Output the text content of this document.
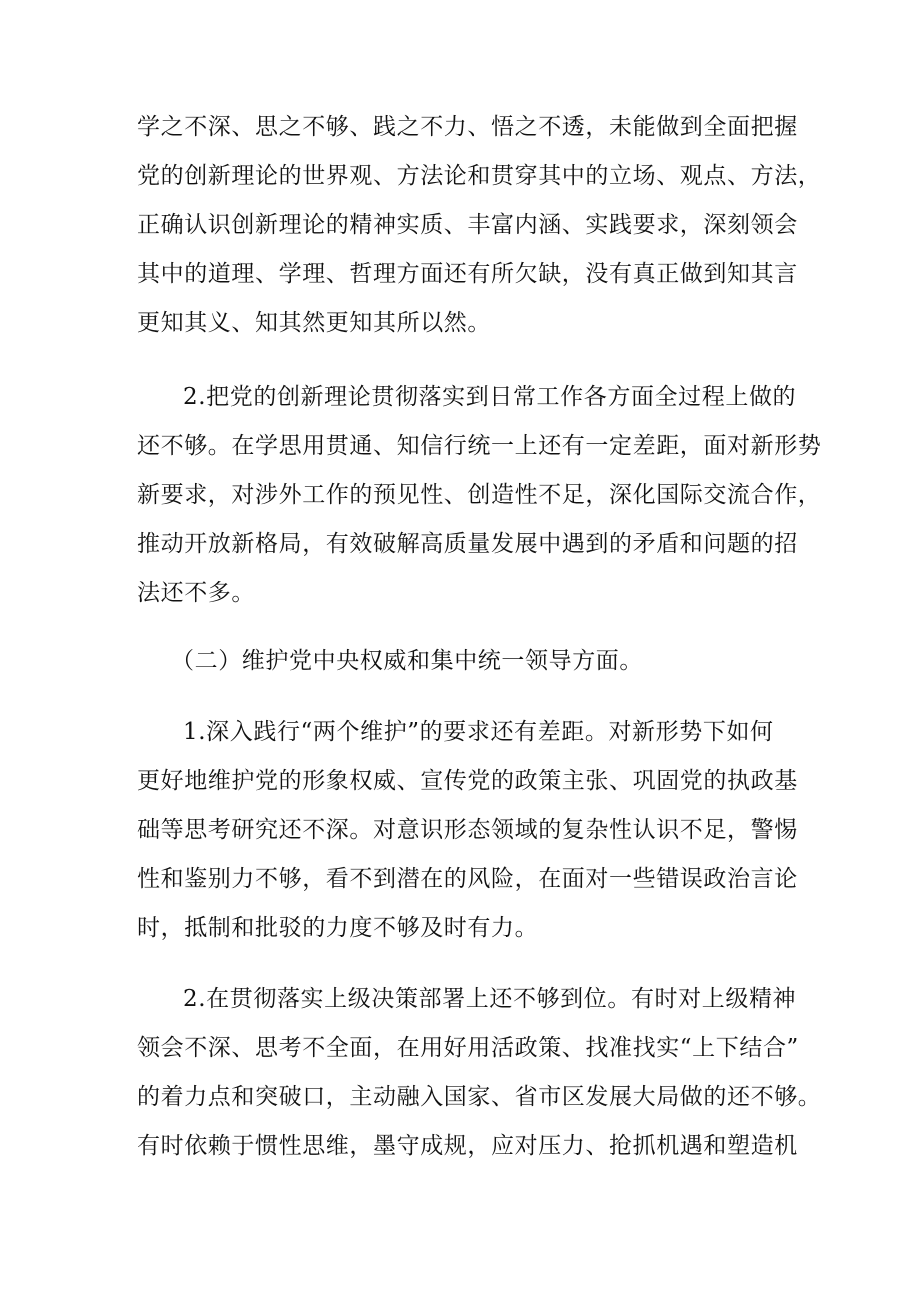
学之不深、思之不够、践之不力、悟之不透，未能做到全面把握
党的创新理论的世界观、方法论和贯穿其中的立场、观点、方法，
正确认识创新理论的精神实质、丰富内涵、实践要求，深刻领会
其中的道理、学理、哲理方面还有所欠缺，没有真正做到知其言
更知其义、知其然更知其所以然。
2.把党的创新理论贯彻落实到日常工作各方面全过程上做的
还不够。在学思用贯通、知信行统一上还有一定差距，面对新形势
新要求，对涉外工作的预见性、创造性不足，深化国际交流合作，
推动开放新格局，有效破解高质量发展中遇到的矛盾和问题的招
法还不多。
（二）维护党中央权威和集中统一领导方面。
1.深入践行“两个维护”的要求还有差距。对新形势下如何
更好地维护党的形象权威、宣传党的政策主张、巩固党的执政基
础等思考研究还不深。对意识形态领域的复杂性认识不足，警惕
性和鉴别力不够，看不到潜在的风险，在面对一些错误政治言论
时，抵制和批驳的力度不够及时有力。
2.在贯彻落实上级决策部署上还不够到位。有时对上级精神
领会不深、思考不全面，在用好用活政策、找准找实“上下结合”
的着力点和突破口，主动融入国家、省市区发展大局做的还不够。
有时依赖于惯性思维，墨守成规，应对压力、抢抓机遇和塑造机
